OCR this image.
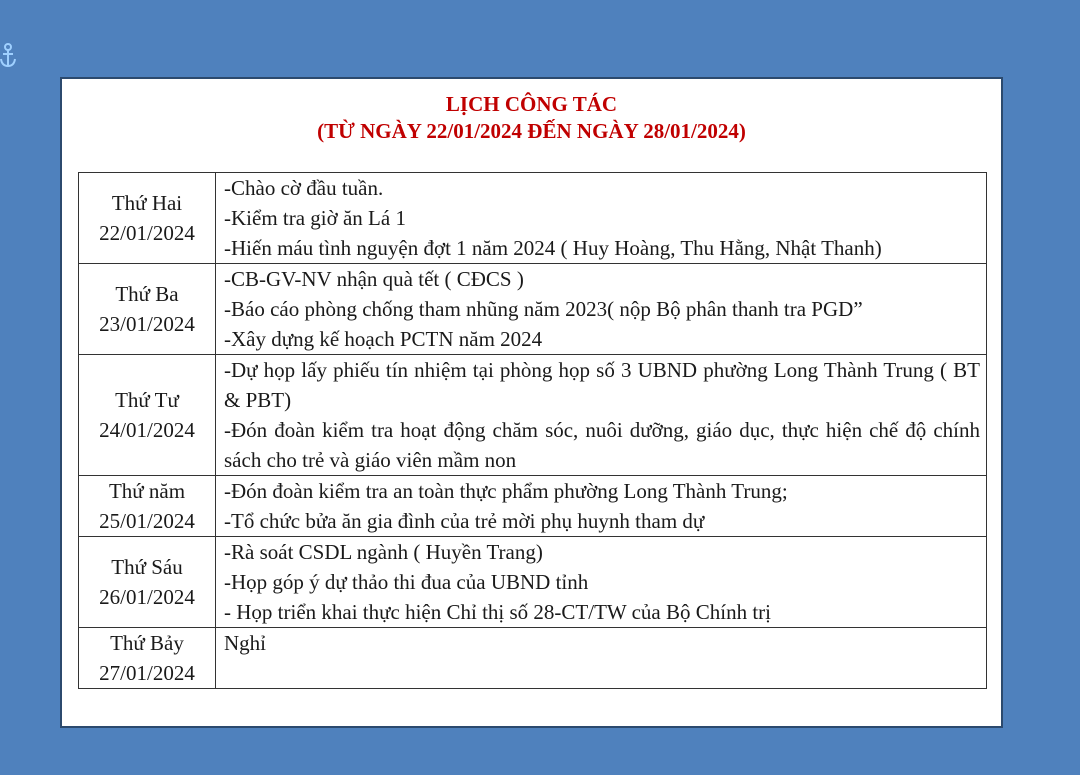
LỊCH CÔNG TÁC
(TỪ NGÀY 22/01/2024 ĐẾN NGÀY 28/01/2024)
Thứ Hai
22/01/2024	-Chào cờ đầu tuần.
-Kiểm tra giờ ăn Lá 1
-Hiến máu tình nguyện đợt 1 năm 2024 ( Huy Hoàng, Thu Hằng, Nhật Thanh)

Thứ Ba
23/01/2024	-CB-GV-NV nhận quà tết ( CĐCS )
-Báo cáo phòng chống tham nhũng năm 2023( nộp Bộ phân thanh tra PGD”
-Xây dựng kế hoạch PCTN năm 2024

Thứ Tư
24/01/2024	-Dự họp lấy phiếu tín nhiệm tại phòng họp số 3 UBND phường Long Thành Trung ( BT & PBT)
-Đón đoàn kiểm tra hoạt động chăm sóc, nuôi dưỡng, giáo dục, thực hiện chế độ chính sách cho trẻ và giáo viên mầm non

Thứ năm
25/01/2024	-Đón đoàn kiểm tra an toàn thực phẩm phường Long Thành Trung;
-Tổ chức bửa ăn gia đình của trẻ mời phụ huynh tham dự

Thứ Sáu
26/01/2024	-Rà soát CSDL ngành ( Huyền Trang)
-Họp góp ý dự thảo thi đua của UBND tỉnh
- Họp triển khai thực hiện Chỉ thị số 28-CT/TW của Bộ Chính trị

Thứ Bảy
27/01/2024	Nghỉ
